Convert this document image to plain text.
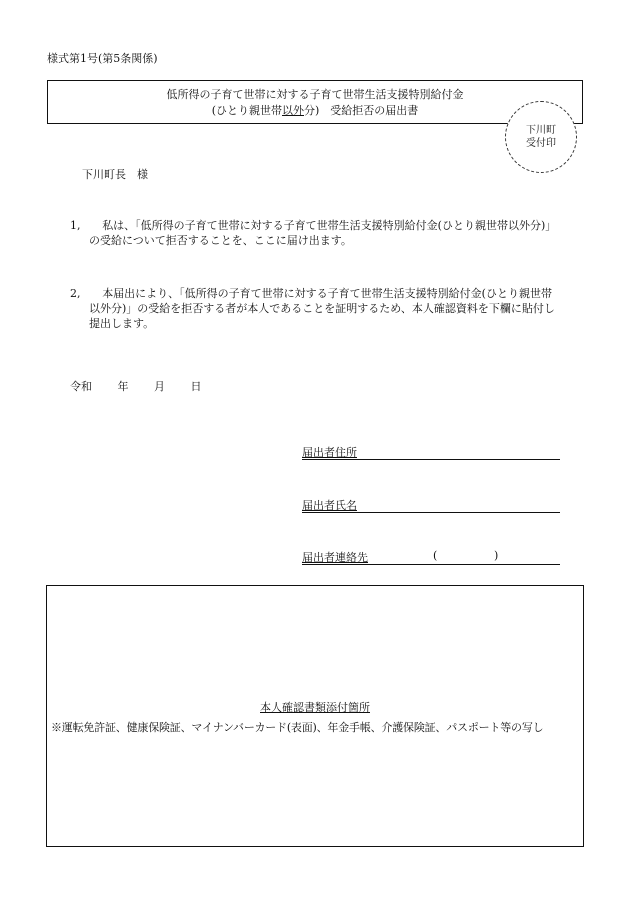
様式第1号(第5条関係)
低所得の子育て世帯に対する子育て世帯生活支援特別給付金
(ひとり親世帯以外分)　受給拒否の届出書
下川町
受付印
下川町長　様
1,	私は、「低所得の子育て世帯に対する子育て世帯生活支援特別給付金(ひとり親世帯以外分)」の受給について拒否することを、ここに届け出ます。
2,	本届出により、「低所得の子育て世帯に対する子育て世帯生活支援特別給付金(ひとり親世帯以外分)」の受給を拒否する者が本人であることを証明するため、本人確認資料を下欄に貼付し提出します。
令和 年 月 日
届出者住所
届出者氏名
届出者連絡先	(	)
本人確認書類添付箇所
※運転免許証、健康保険証、マイナンバーカード(表面)、年金手帳、介護保険証、パスポート等の写し
